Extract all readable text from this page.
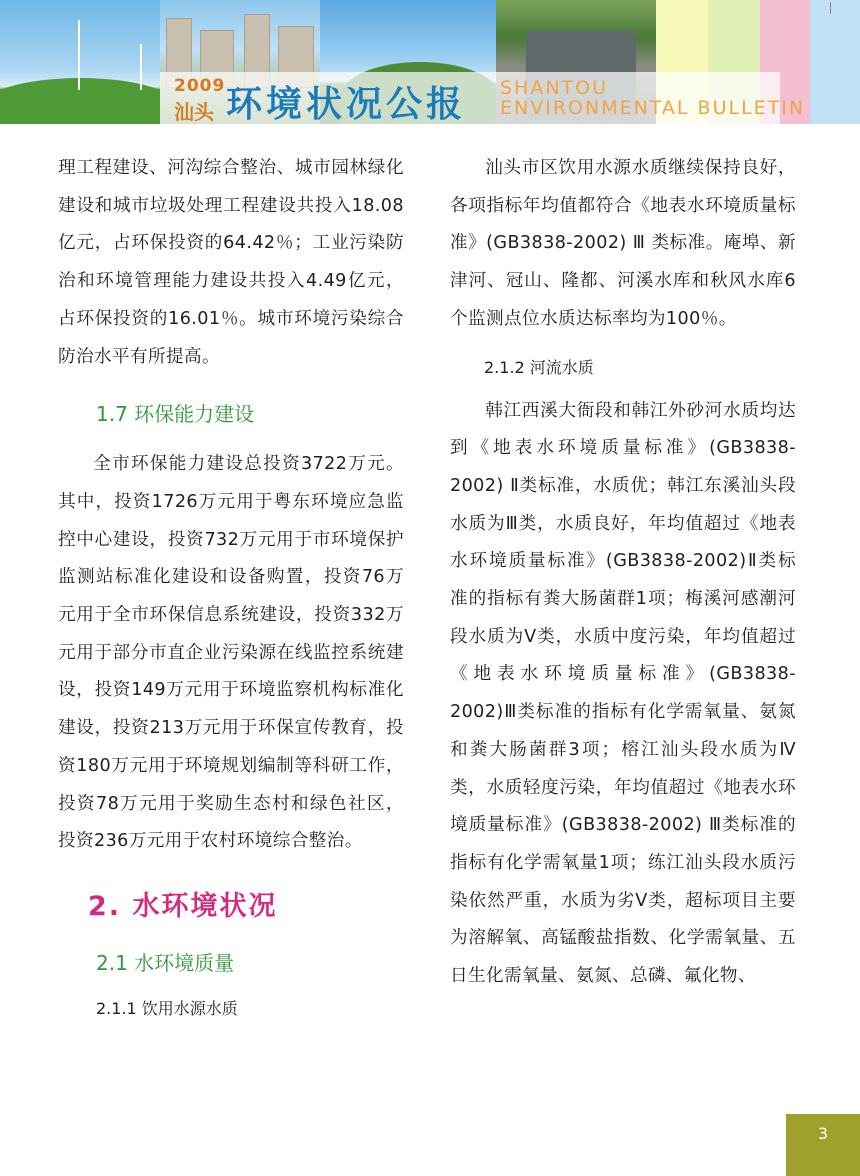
2009
汕头 环境状况公报 SHANTOU
ENVIRONMENTAL BULLETIN

理工程建设、河沟综合整治、城市园林绿化建设和城市垃圾处理工程建设共投入18.08亿元，占环保投资的64.42％；工业污染防治和环境管理能力建设共投入4.49亿元，占环保投资的16.01％。城市环境污染综合防治水平有所提高。

1.7 环保能力建设

全市环保能力建设总投资3722万元。其中，投资1726万元用于粤东环境应急监控中心建设，投资732万元用于市环境保护监测站标准化建设和设备购置，投资76万元用于全市环保信息系统建设，投资332万元用于部分市直企业污染源在线监控系统建设，投资149万元用于环境监察机构标准化建设，投资213万元用于环保宣传教育，投资180万元用于环境规划编制等科研工作，投资78万元用于奖励生态村和绿色社区，投资236万元用于农村环境综合整治。

2. 水环境状况
2.1 水环境质量
2.1.1 饮用水源水质

汕头市区饮用水源水质继续保持良好，各项指标年均值都符合《地表水环境质量标准》(GB3838-2002) Ⅲ 类标准。庵埠、新津河、冠山、隆都、河溪水库和秋风水库6个监测点位水质达标率均为100％。

2.1.2 河流水质

韩江西溪大衙段和韩江外砂河水质均达到《地表水环境质量标准》(GB3838-2002) Ⅱ类标准，水质优；韩江东溪汕头段水质为Ⅲ类，水质良好，年均值超过《地表水环境质量标准》(GB3838-2002)Ⅱ类标准的指标有粪大肠菌群1项；梅溪河感潮河段水质为Ⅴ类，水质中度污染，年均值超过《地表水环境质量标准》(GB3838-2002)Ⅲ类标准的指标有化学需氧量、氨氮和粪大肠菌群3项；榕江汕头段水质为Ⅳ类，水质轻度污染，年均值超过《地表水环境质量标准》(GB3838-2002) Ⅲ类标准的指标有化学需氧量1项；练江汕头段水质污染依然严重，水质为劣Ⅴ类，超标项目主要为溶解氧、高锰酸盐指数、化学需氧量、五日生化需氧量、氨氮、总磷、氟化物、

3
